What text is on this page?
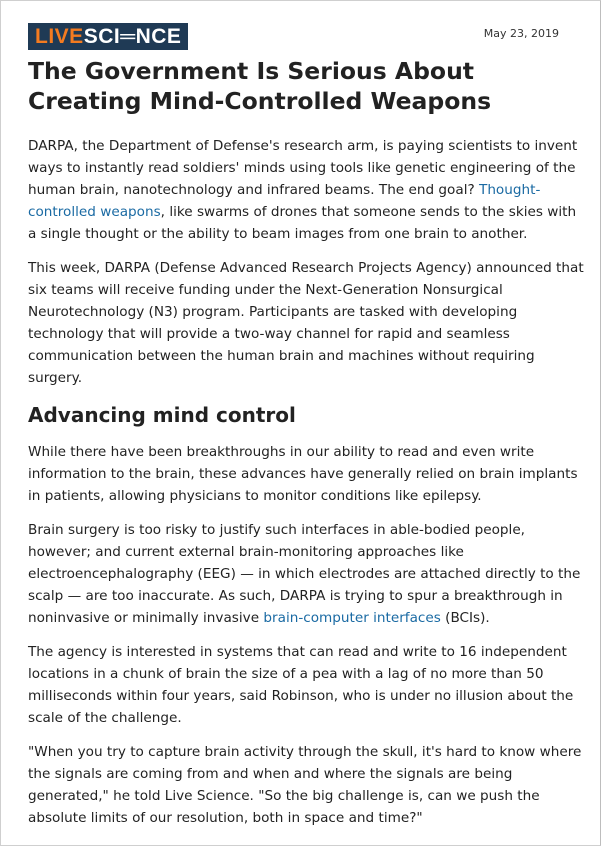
LIVESCI═NCE	May 23, 2019
The Government Is Serious About Creating Mind-Controlled Weapons

DARPA, the Department of Defense's research arm, is paying scientists to invent ways to instantly read soldiers' minds using tools like genetic engineering of the human brain, nanotechnology and infrared beams. The end goal? Thought-controlled weapons, like swarms of drones that someone sends to the skies with a single thought or the ability to beam images from one brain to another.

This week, DARPA (Defense Advanced Research Projects Agency) announced that six teams will receive funding under the Next-Generation Nonsurgical Neurotechnology (N3) program. Participants are tasked with developing technology that will provide a two-way channel for rapid and seamless communication between the human brain and machines without requiring surgery.

Advancing mind control

While there have been breakthroughs in our ability to read and even write information to the brain, these advances have generally relied on brain implants in patients, allowing physicians to monitor conditions like epilepsy.

Brain surgery is too risky to justify such interfaces in able-bodied people, however; and current external brain-monitoring approaches like electroencephalography (EEG) — in which electrodes are attached directly to the scalp — are too inaccurate. As such, DARPA is trying to spur a breakthrough in noninvasive or minimally invasive brain-computer interfaces (BCIs).

The agency is interested in systems that can read and write to 16 independent locations in a chunk of brain the size of a pea with a lag of no more than 50 milliseconds within four years, said Robinson, who is under no illusion about the scale of the challenge.

"When you try to capture brain activity through the skull, it's hard to know where the signals are coming from and when and where the signals are being generated," he told Live Science. "So the big challenge is, can we push the absolute limits of our resolution, both in space and time?"
